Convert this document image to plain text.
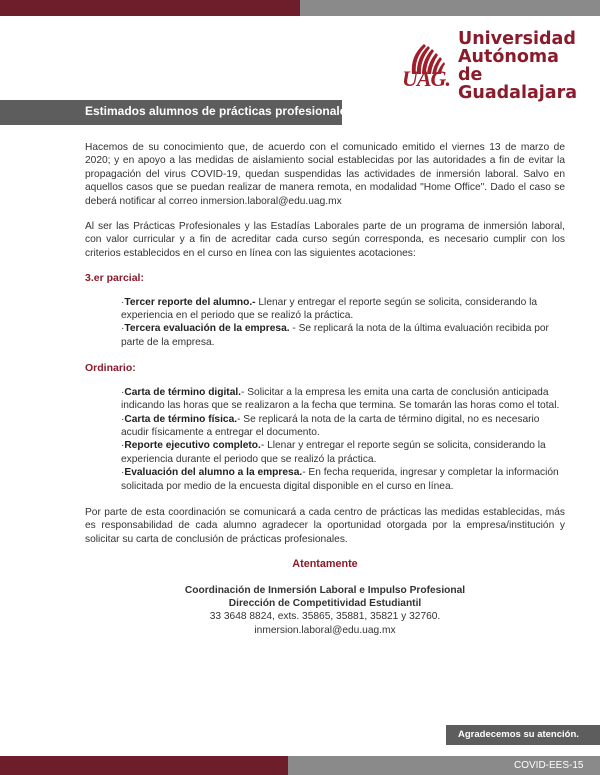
UAG.
Universidad
Autónoma de
Guadalajara
Estimados alumnos de prácticas profesionales:

Hacemos de su conocimiento que, de acuerdo con el comunicado emitido el viernes 13 de marzo de 2020; y en apoyo a las medidas de aislamiento social establecidas por las autoridades a fin de evitar la propagación del virus COVID-19, quedan suspendidas las actividades de inmersión laboral. Salvo en aquellos casos que se puedan realizar de manera remota, en modalidad "Home Office". Dado el caso se deberá notificar al correo inmersion.laboral@edu.uag.mx

Al ser las Prácticas Profesionales y las Estadías Laborales parte de un programa de inmersión laboral, con valor curricular y a fin de acreditar cada curso según corresponda, es necesario cumplir con los criterios establecidos en el curso en línea con las siguientes acotaciones:

3.er parcial:
·Tercer reporte del alumno.- Llenar y entregar el reporte según se solicita, considerando la experiencia en el periodo que se realizó la práctica.
·Tercera evaluación de la empresa. - Se replicará la nota de la última evaluación recibida por parte de la empresa.
Ordinario:
·Carta de término digital.- Solicitar a la empresa les emita una carta de conclusión anticipada indicando las horas que se realizaron a la fecha que termina. Se tomarán las horas como el total.
·Carta de término física.- Se replicará la nota de la carta de término digital, no es necesario acudir físicamente a entregar el documento.
·Reporte ejecutivo completo.- Llenar y entregar el reporte según se solicita, considerando la experiencia durante el periodo que se realizó la práctica.
·Evaluación del alumno a la empresa.- En fecha requerida, ingresar y completar la información solicitada por medio de la encuesta digital disponible en el curso en línea.

Por parte de esta coordinación se comunicará a cada centro de prácticas las medidas establecidas, más es responsabilidad de cada alumno agradecer la oportunidad otorgada por la empresa/institución y solicitar su carta de conclusión de prácticas profesionales.

Atentamente
Coordinación de Inmersión Laboral e Impulso Profesional
Dirección de Competitividad Estudiantil
33 3648 8824, exts. 35865, 35881, 35821 y 32760.
inmersion.laboral@edu.uag.mx
Agradecemos su atención.
COVID-EES-15
